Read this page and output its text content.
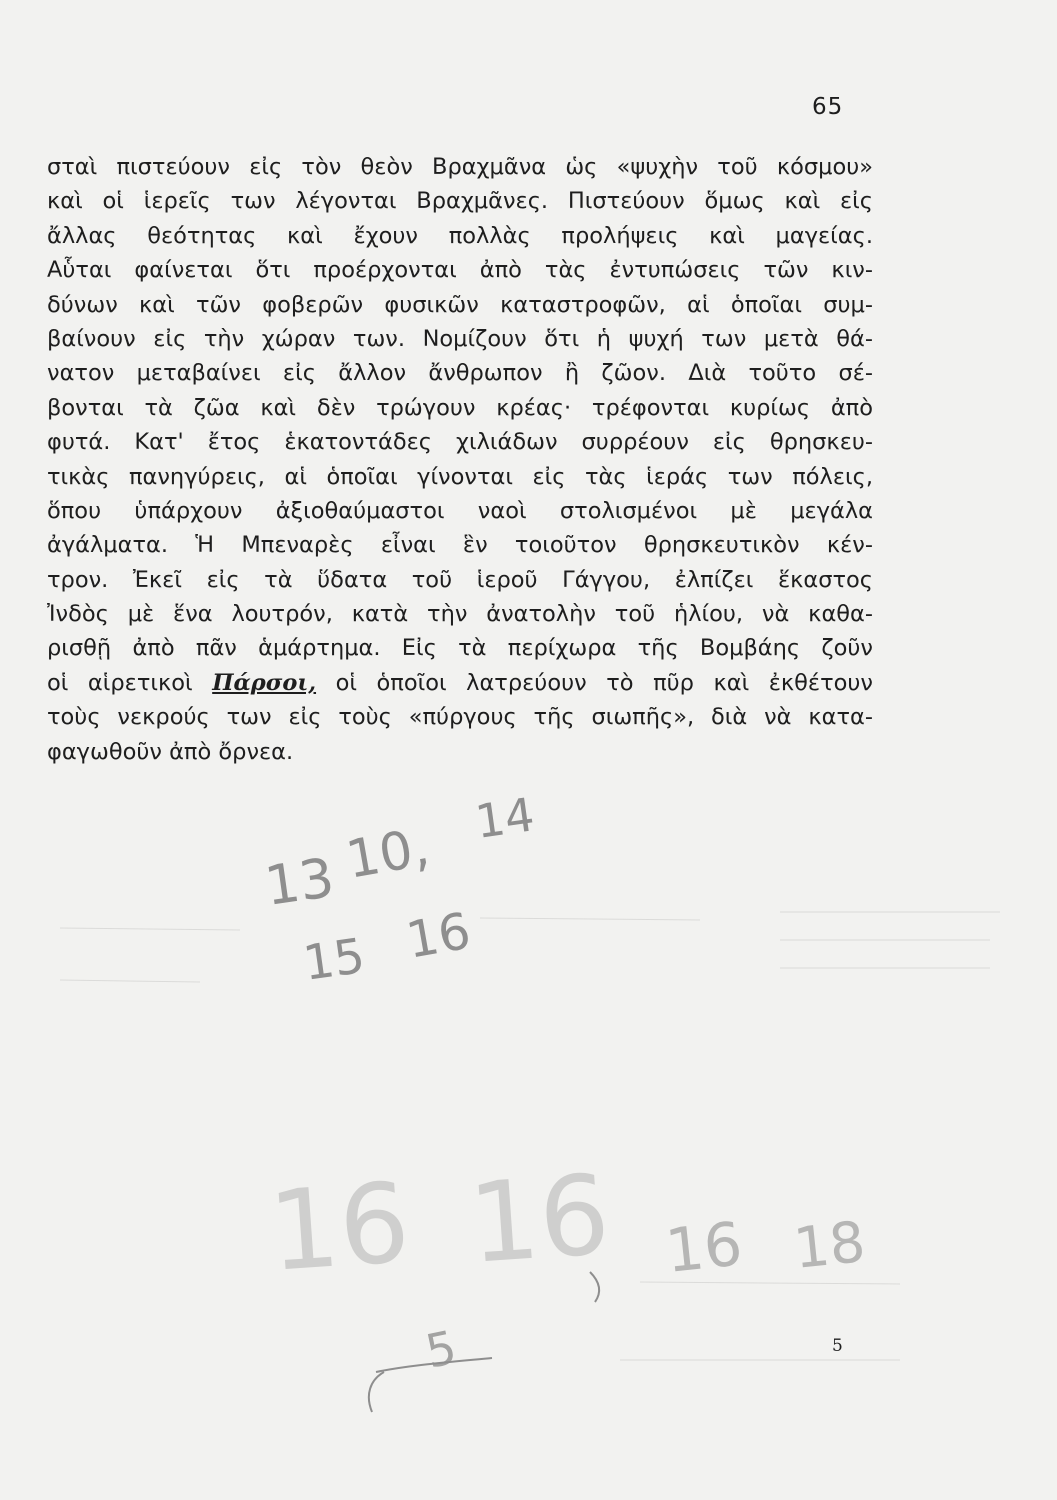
65
σταὶ πιστεύουν εἰς τὸν θεὸν Βραχμᾶνα ὡς «ψυχὴν τοῦ κόσμου»
καὶ οἱ ἱερεῖς των λέγονται Βραχμᾶνες. Πιστεύουν ὅμως καὶ εἰς
ἄλλας θεότητας καὶ ἔχουν πολλὰς προλήψεις καὶ μαγείας.
Αὗται φαίνεται ὅτι προέρχονται ἀπὸ τὰς ἐντυπώσεις τῶν κιν-
δύνων καὶ τῶν φοβερῶν φυσικῶν καταστροφῶν, αἱ ὁποῖαι συμ-
βαίνουν εἰς τὴν χώραν των. Νομίζουν ὅτι ἡ ψυχή των μετὰ θά-
νατον μεταβαίνει εἰς ἄλλον ἄνθρωπον ἢ ζῶον. Διὰ τοῦτο σέ-
βονται τὰ ζῶα καὶ δὲν τρώγουν κρέας· τρέφονται κυρίως ἀπὸ
φυτά. Κατ' ἔτος ἑκατοντάδες χιλιάδων συρρέουν εἰς θρησκευ-
τικὰς πανηγύρεις, αἱ ὁποῖαι γίνονται εἰς τὰς ἱεράς των πόλεις,
ὅπου ὑπάρχουν ἀξιοθαύμαστοι ναοὶ στολισμένοι μὲ μεγάλα
ἀγάλματα. Ἡ Μπεναρὲς εἶναι ἓν τοιοῦτον θρησκευτικὸν κέν-
τρον. Ἐκεῖ εἰς τὰ ὕδατα τοῦ ἱεροῦ Γάγγου, ἐλπίζει ἕκαστος
Ἰνδὸς μὲ ἕνα λουτρόν, κατὰ τὴν ἀνατολὴν τοῦ ἡλίου, νὰ καθα-
ρισθῇ ἀπὸ πᾶν ἁμάρτημα. Εἰς τὰ περίχωρα τῆς Βομβάης ζοῦν
οἱ αἱρετικοὶ Πάρσοι, οἱ ὁποῖοι λατρεύουν τὸ πῦρ καὶ ἐκθέτουν
τοὺς νεκρούς των εἰς τοὺς «πύργους τῆς σιωπῆς», διὰ νὰ κατα-
φαγωθοῦν ἀπὸ ὄρνεα.
13 10, 14
15 16
16 16 16 18
5	5
